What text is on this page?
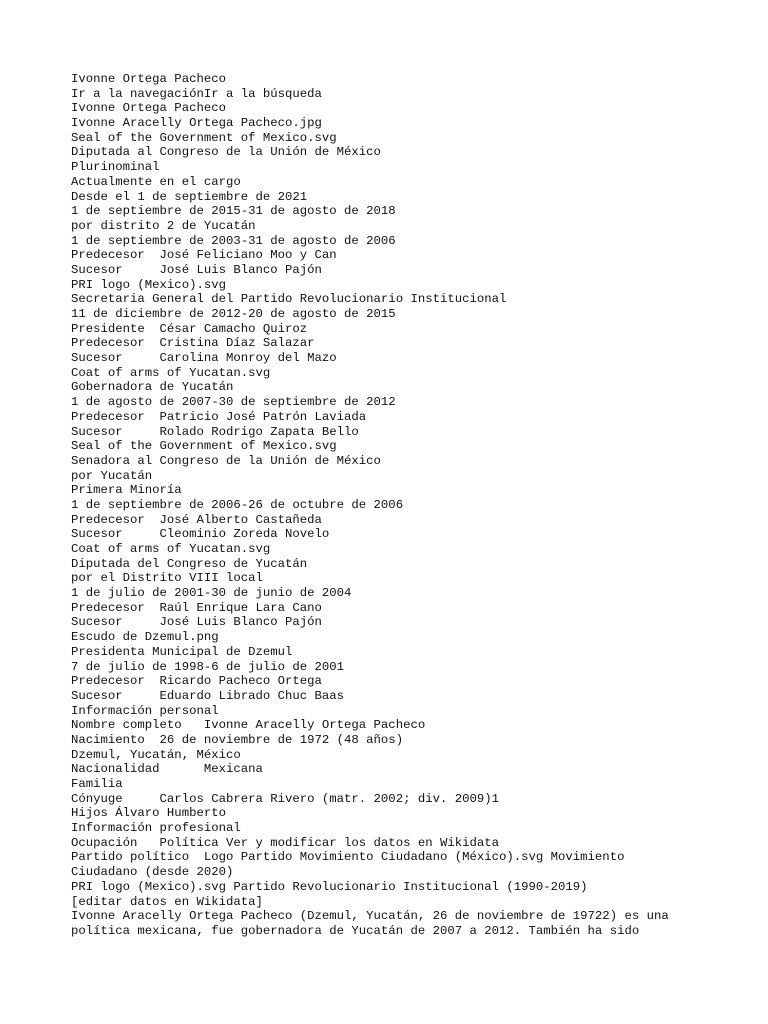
Ivonne Ortega Pacheco
Ir a la navegaciónIr a la búsqueda
Ivonne Ortega Pacheco
Ivonne Aracelly Ortega Pacheco.jpg
Seal of the Government of Mexico.svg
Diputada al Congreso de la Unión de México
Plurinominal
Actualmente en el cargo
Desde el 1 de septiembre de 2021
1 de septiembre de 2015-31 de agosto de 2018
por distrito 2 de Yucatán
1 de septiembre de 2003-31 de agosto de 2006
Predecesor  José Feliciano Moo y Can
Sucesor     José Luis Blanco Pajón
PRI logo (Mexico).svg
Secretaria General del Partido Revolucionario Institucional
11 de diciembre de 2012-20 de agosto de 2015
Presidente  César Camacho Quiroz
Predecesor  Cristina Díaz Salazar
Sucesor     Carolina Monroy del Mazo
Coat of arms of Yucatan.svg
Gobernadora de Yucatán
1 de agosto de 2007-30 de septiembre de 2012
Predecesor  Patricio José Patrón Laviada
Sucesor     Rolado Rodrigo Zapata Bello
Seal of the Government of Mexico.svg
Senadora al Congreso de la Unión de México
por Yucatán
Primera Minoría
1 de septiembre de 2006-26 de octubre de 2006
Predecesor  José Alberto Castañeda
Sucesor     Cleominio Zoreda Novelo
Coat of arms of Yucatan.svg
Diputada del Congreso de Yucatán
por el Distrito VIII local
1 de julio de 2001-30 de junio de 2004
Predecesor  Raúl Enrique Lara Cano
Sucesor     José Luis Blanco Pajón
Escudo de Dzemul.png
Presidenta Municipal de Dzemul
7 de julio de 1998-6 de julio de 2001
Predecesor  Ricardo Pacheco Ortega
Sucesor     Eduardo Librado Chuc Baas
Información personal
Nombre completo   Ivonne Aracelly Ortega Pacheco
Nacimiento  26 de noviembre de 1972 (48 años)
Dzemul, Yucatán, México
Nacionalidad      Mexicana
Familia
Cónyuge     Carlos Cabrera Rivero (matr. 2002; div. 2009)1
Hijos Álvaro Humberto
Información profesional
Ocupación   Política Ver y modificar los datos en Wikidata
Partido político  Logo Partido Movimiento Ciudadano (México).svg Movimiento
Ciudadano (desde 2020)
PRI logo (Mexico).svg Partido Revolucionario Institucional (1990-2019)
[editar datos en Wikidata]
Ivonne Aracelly Ortega Pacheco (Dzemul, Yucatán, 26 de noviembre de 19722) es una
política mexicana, fue gobernadora de Yucatán de 2007 a 2012. También ha sido
